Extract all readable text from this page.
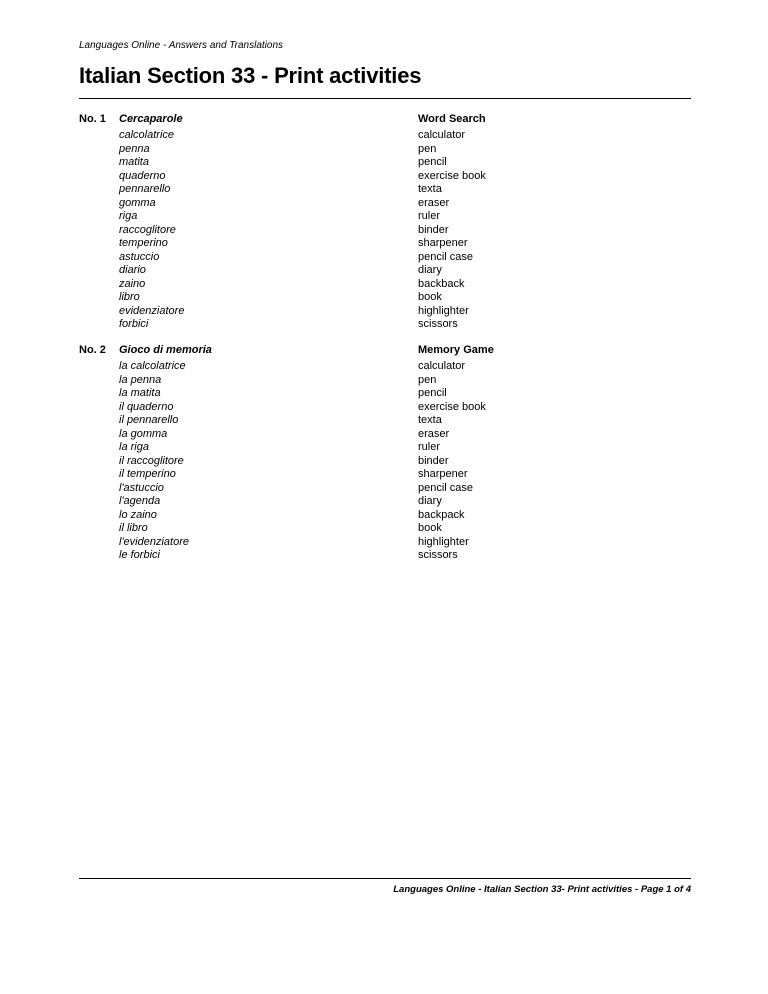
Languages Online - Answers and Translations
Italian Section 33 - Print activities
No. 1 Cercaparole
calcolatrice
penna
matita
quaderno
pennarello
gomma
riga
raccoglitore
temperino
astuccio
diario
zaino
libro
evidenziatore
forbici
Word Search
calculator
pen
pencil
exercise book
texta
eraser
ruler
binder
sharpener
pencil case
diary
backback
book
highlighter
scissors
No. 2 Gioco di memoria
la calcolatrice
la penna
la matita
il quaderno
il pennarello
la gomma
la riga
il raccoglitore
il temperino
l'astuccio
l'agenda
lo zaino
il libro
l'evidenziatore
le forbici
Memory Game
calculator
pen
pencil
exercise book
texta
eraser
ruler
binder
sharpener
pencil case
diary
backpack
book
highlighter
scissors
Languages Online - Italian Section 33- Print activities - Page 1 of 4
